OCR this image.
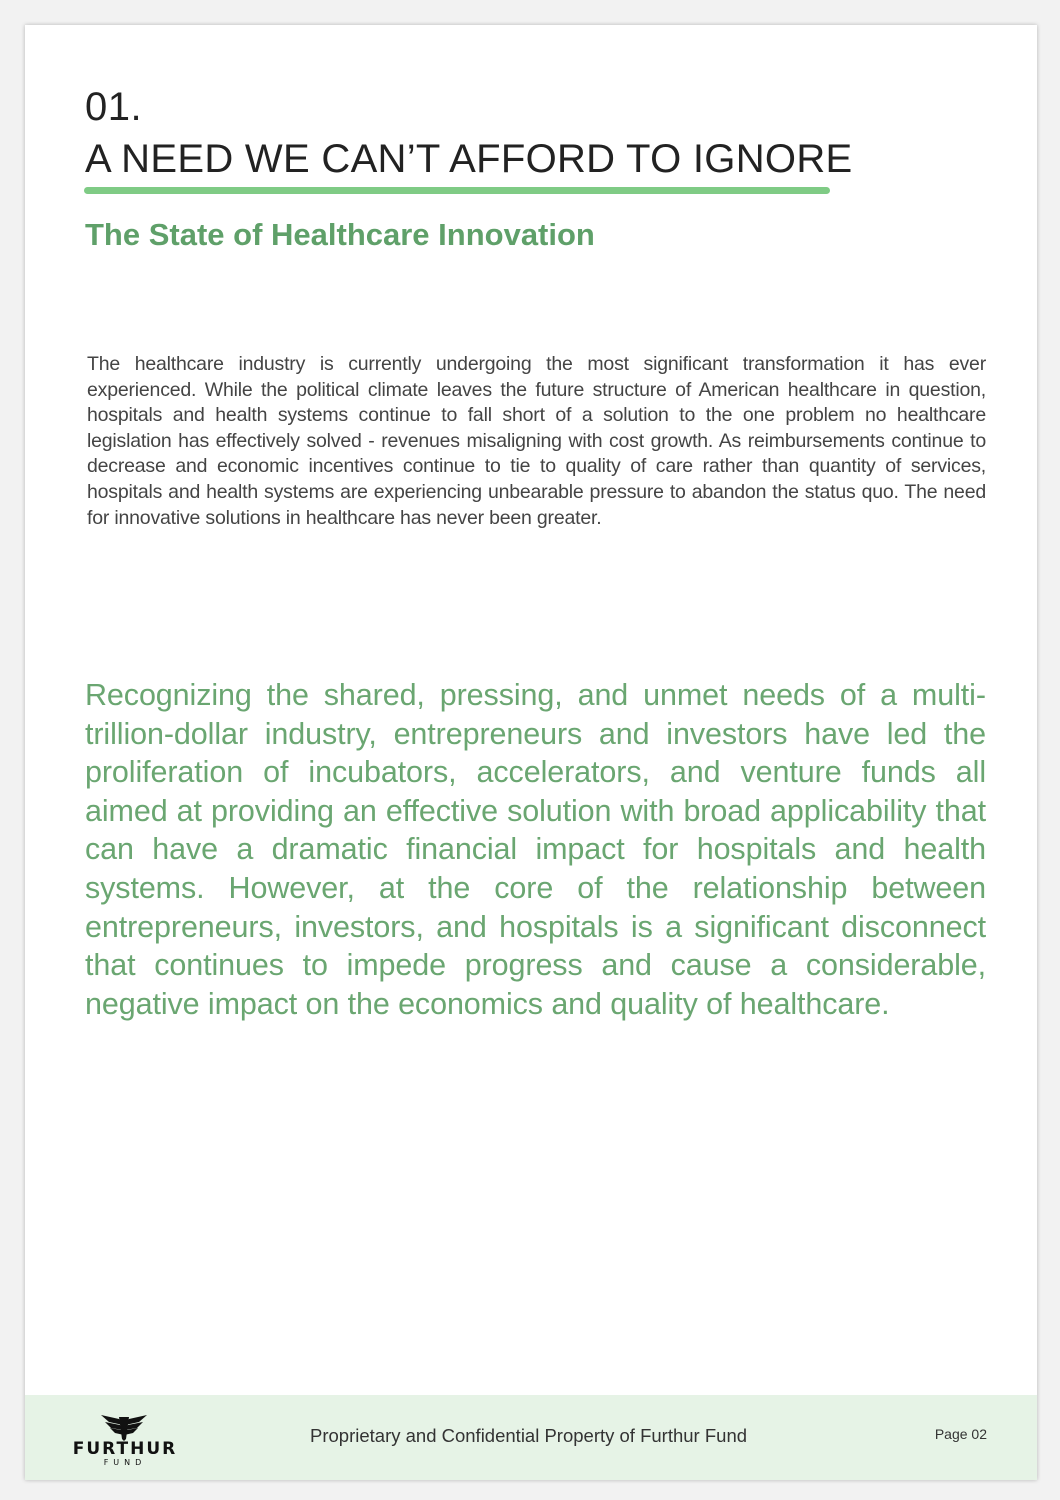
01.
A NEED WE CAN’T AFFORD TO IGNORE
The State of Healthcare Innovation

The healthcare industry is currently undergoing the most significant transformation it has ever experienced. While the political climate leaves the future structure of American healthcare in question, hospitals and health systems continue to fall short of a solution to the one problem no healthcare legislation has effectively solved - revenues misaligning with cost growth. As reimbursements continue to decrease and economic incentives continue to tie to quality of care rather than quantity of services, hospitals and health systems are experiencing unbearable pressure to abandon the status quo. The need for innovative solutions in healthcare has never been greater.

Recognizing the shared, pressing, and unmet needs of a multitrillion-dollar industry, entrepreneurs and investors have led the proliferation of incubators, accelerators, and venture funds all aimed at providing an effective solution with broad applicability that can have a dramatic financial impact for hospitals and health systems. However, at the core of the relationship between entrepreneurs, investors, and hospitals is a significant disconnect that continues to impede progress and cause a considerable, negative impact on the economics and quality of healthcare.

FURTHUR
FUND
Proprietary and Confidential Property of Furthur Fund	Page 02
